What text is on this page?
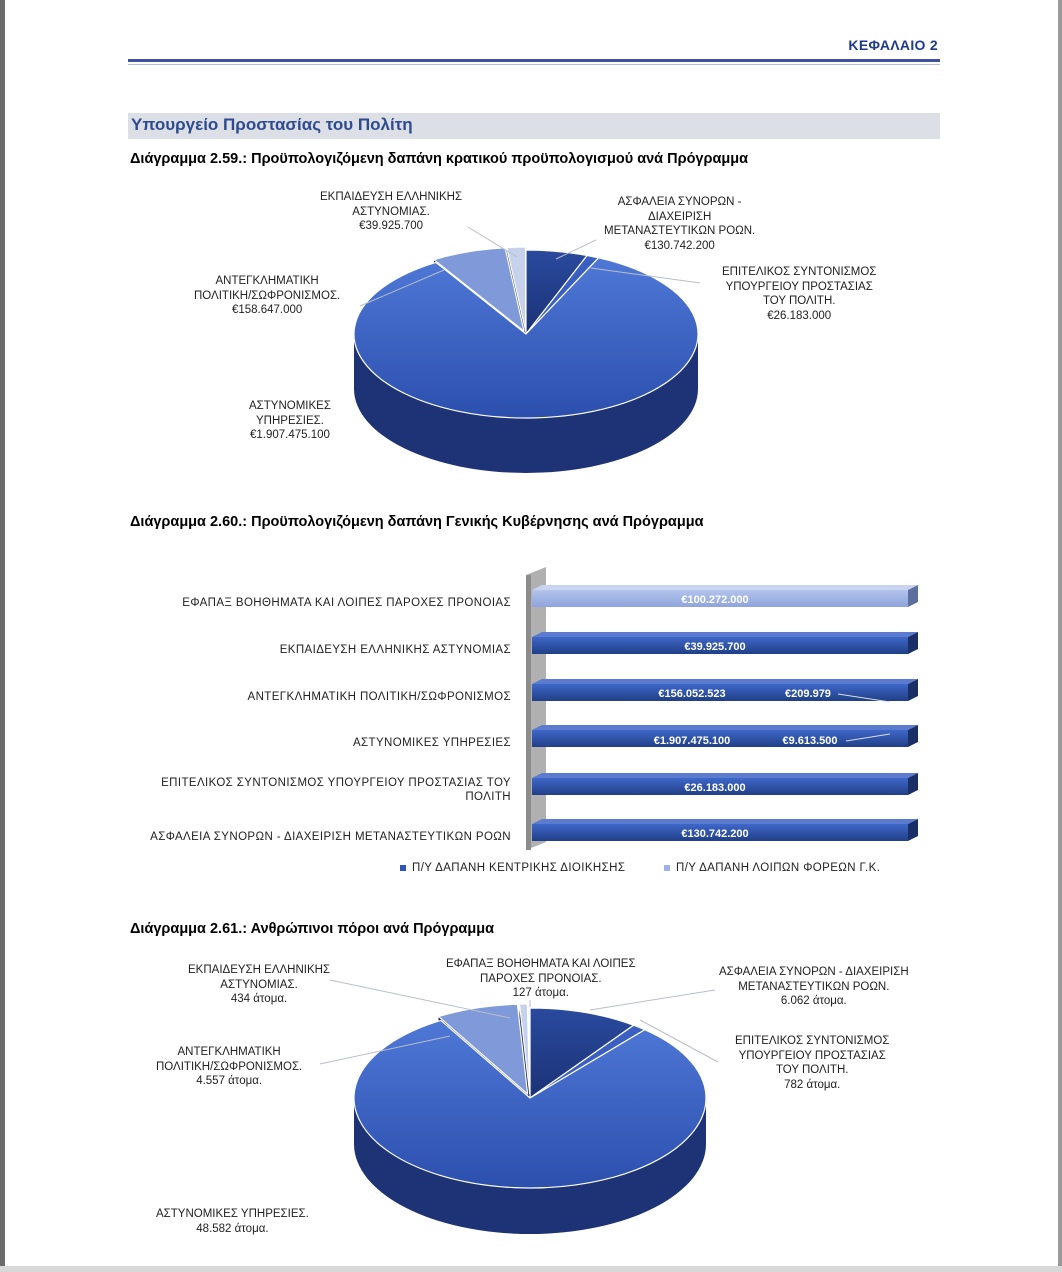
ΚΕΦΑΛΑΙΟ 2
Υπουργείο Προστασίας του Πολίτη
Διάγραμμα 2.59.: Προϋπολογιζόμενη δαπάνη κρατικού προϋπολογισμού ανά Πρόγραμμα
Διάγραμμα 2.60.: Προϋπολογιζόμενη δαπάνη Γενικής Κυβέρνησης ανά Πρόγραμμα
Διάγραμμα 2.61.: Ανθρώπινοι πόροι ανά Πρόγραμμα
ΑΣΦΑΛΕΙΑ ΣΥΝΟΡΩΝ -
ΔΙΑΧΕΙΡΙΣΗ
ΜΕΤΑΝΑΣΤΕΥΤΙΚΩΝ ΡΟΩΝ.
€130.742.200
ΕΠΙΤΕΛΙΚΟΣ ΣΥΝΤΟΝΙΣΜΟΣ
ΥΠΟΥΡΓΕΙΟΥ ΠΡΟΣΤΑΣΙΑΣ
ΤΟΥ ΠΟΛΙΤΗ.
€26.183.000
ΑΣΤΥΝΟΜΙΚΕΣ
ΥΠΗΡΕΣΙΕΣ.
€1.907.475.100
ΑΝΤΕΓΚΛΗΜΑΤΙΚΗ
ΠΟΛΙΤΙΚΗ/ΣΩΦΡΟΝΙΣΜΟΣ.
€158.647.000
ΕΚΠΑΙΔΕΥΣΗ ΕΛΛΗΝΙΚΗΣ
ΑΣΤΥΝΟΜΙΑΣ.
€39.925.700
€100.272.000
€39.925.700
€156.052.523	€209.979
€1.907.475.100	€9.613.500
€26.183.000
€130.742.200
ΕΦΑΠΑΞ ΒΟΗΘΗΜΑΤΑ ΚΑΙ ΛΟΙΠΕΣ ΠΑΡΟΧΕΣ ΠΡΟΝΟΙΑΣ
ΕΚΠΑΙΔΕΥΣΗ ΕΛΛΗΝΙΚΗΣ ΑΣΤΥΝΟΜΙΑΣ
ΑΝΤΕΓΚΛΗΜΑΤΙΚΗ ΠΟΛΙΤΙΚΗ/ΣΩΦΡΟΝΙΣΜΟΣ
ΑΣΤΥΝΟΜΙΚΕΣ ΥΠΗΡΕΣΙΕΣ
ΕΠΙΤΕΛΙΚΟΣ ΣΥΝΤΟΝΙΣΜΟΣ ΥΠΟΥΡΓΕΙΟΥ ΠΡΟΣΤΑΣΙΑΣ ΤΟΥ
ΠΟΛΙΤΗ
ΑΣΦΑΛΕΙΑ ΣΥΝΟΡΩΝ - ΔΙΑΧΕΙΡΙΣΗ ΜΕΤΑΝΑΣΤΕΥΤΙΚΩΝ ΡΟΩΝ
Π/Υ ΔΑΠΑΝΗ ΚΕΝΤΡΙΚΗΣ ΔΙΟΙΚΗΣΗΣ	Π/Υ ΔΑΠΑΝΗ ΛΟΙΠΩΝ ΦΟΡΕΩΝ Γ.Κ.
ΕΦΑΠΑΞ ΒΟΗΘΗΜΑΤΑ ΚΑΙ ΛΟΙΠΕΣ
ΠΑΡΟΧΕΣ ΠΡΟΝΟΙΑΣ.
127 άτομα.
ΑΣΦΑΛΕΙΑ ΣΥΝΟΡΩΝ - ΔΙΑΧΕΙΡΙΣΗ
ΜΕΤΑΝΑΣΤΕΥΤΙΚΩΝ ΡΟΩΝ.
6.062 άτομα.
ΕΠΙΤΕΛΙΚΟΣ ΣΥΝΤΟΝΙΣΜΟΣ
ΥΠΟΥΡΓΕΙΟΥ ΠΡΟΣΤΑΣΙΑΣ
ΤΟΥ ΠΟΛΙΤΗ.
782 άτομα.
ΑΣΤΥΝΟΜΙΚΕΣ ΥΠΗΡΕΣΙΕΣ.
48.582 άτομα.
ΑΝΤΕΓΚΛΗΜΑΤΙΚΗ
ΠΟΛΙΤΙΚΗ/ΣΩΦΡΟΝΙΣΜΟΣ.
4.557 άτομα.
ΕΚΠΑΙΔΕΥΣΗ ΕΛΛΗΝΙΚΗΣ
ΑΣΤΥΝΟΜΙΑΣ.
434 άτομα.
